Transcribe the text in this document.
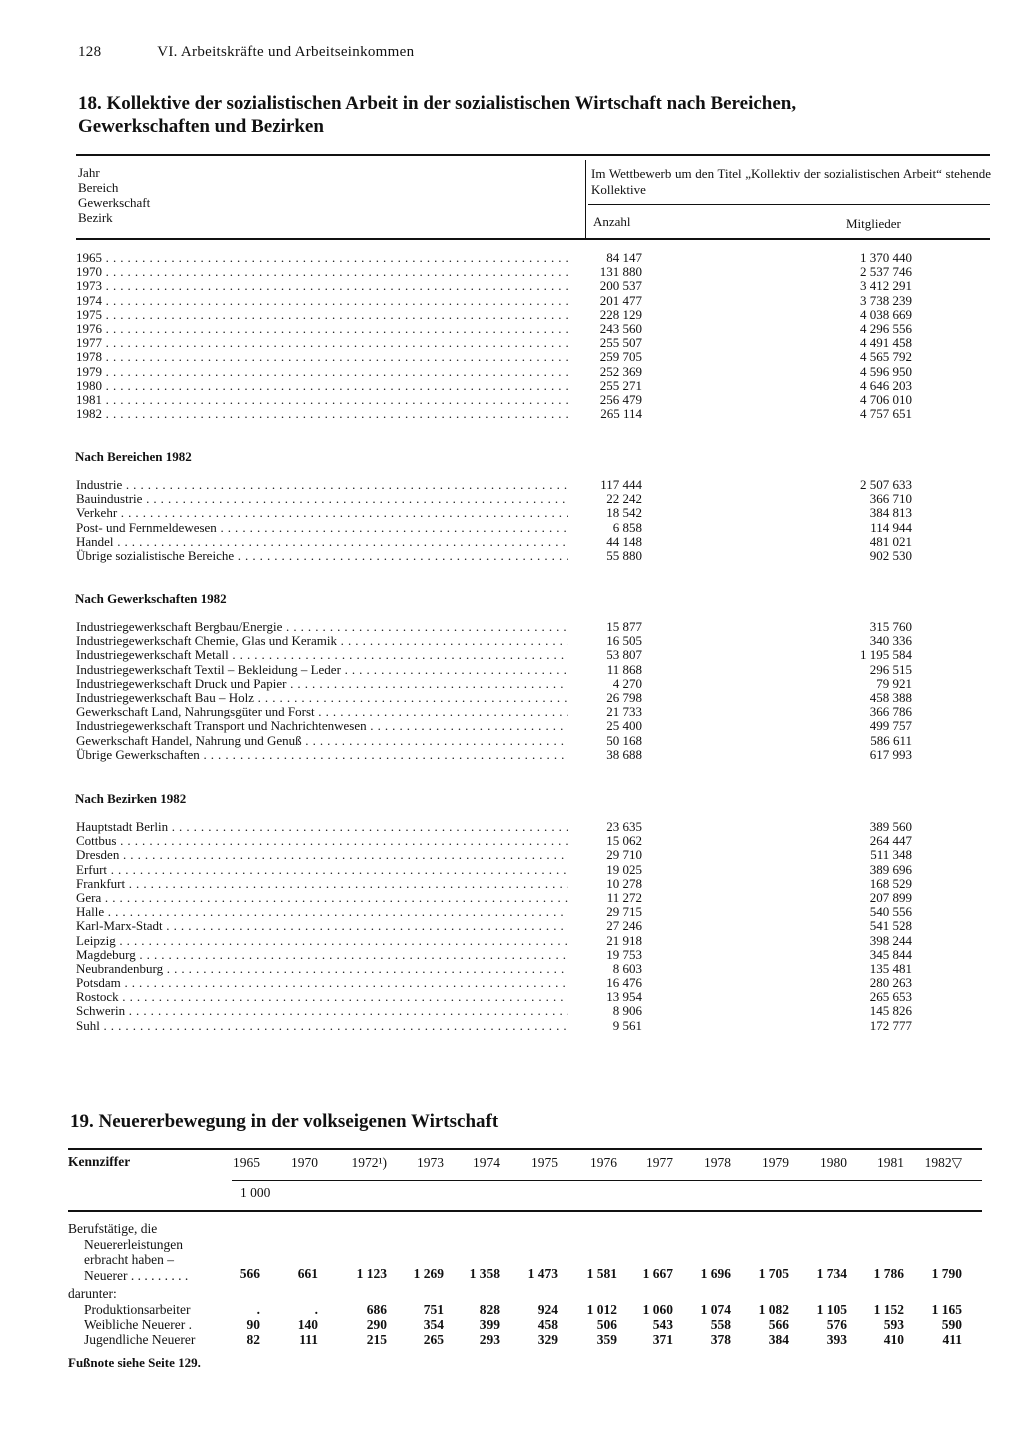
128	VI. Arbeitskräfte und Arbeitseinkommen
18. Kollektive der sozialistischen Arbeit in der sozialistischen Wirtschaft nach Bereichen,
Gewerkschaften und Bezirken
Jahr
Bereich
Gewerkschaft
Bezirk
Im Wettbewerb um den Titel „Kollektiv der sozialistischen Arbeit“ stehende Kollektive
Anzahl	Mitglieder
1965 . . .	84 147	1 370 440
1970 . . .	131 880	2 537 746
1973 . . .	200 537	3 412 291
1974 . . .	201 477	3 738 239
1975 . . .	228 129	4 038 669
1976 . . .	243 560	4 296 556
1977 . . .	255 507	4 491 458
1978 . . .	259 705	4 565 792
1979 . . .	252 369	4 596 950
1980 . . .	255 271	4 646 203
1981 . . .	256 479	4 706 010
1982 . . .	265 114	4 757 651
Nach Bereichen 1982
Industrie . . .	117 444	2 507 633
Bauindustrie . . .	22 242	366 710
Verkehr . . .	18 542	384 813
Post- und Fernmeldewesen . . .	6 858	114 944
Handel . . .	44 148	481 021
Übrige sozialistische Bereiche . . .	55 880	902 530
Nach Gewerkschaften 1982
Industriegewerkschaft Bergbau/Energie . . .	15 877	315 760
Industriegewerkschaft Chemie, Glas und Keramik . . .	16 505	340 336
Industriegewerkschaft Metall . . .	53 807	1 195 584
Industriegewerkschaft Textil – Bekleidung – Leder . . .	11 868	296 515
Industriegewerkschaft Druck und Papier . . .	4 270	79 921
Industriegewerkschaft Bau – Holz . . .	26 798	458 388
Gewerkschaft Land, Nahrungsgüter und Forst . . .	21 733	366 786
Industriegewerkschaft Transport und Nachrichtenwesen . . .	25 400	499 757
Gewerkschaft Handel, Nahrung und Genuß . . .	50 168	586 611
Übrige Gewerkschaften . . .	38 688	617 993
Nach Bezirken 1982
Hauptstadt Berlin . . .	23 635	389 560
Cottbus . . .	15 062	264 447
Dresden . . .	29 710	511 348
Erfurt . . .	19 025	389 696
Frankfurt . . .	10 278	168 529
Gera . . .	11 272	207 899
Halle . . .	29 715	540 556
Karl-Marx-Stadt . . .	27 246	541 528
Leipzig . . .	21 918	398 244
Magdeburg . . .	19 753	345 844
Neubrandenburg . . .	8 603	135 481
Potsdam . . .	16 476	280 263
Rostock . . .	13 954	265 653
Schwerin . . .	8 906	145 826
Suhl . . .	9 561	172 777
19. Neuererbewegung in der volkseigenen Wirtschaft
Kennziffer	1965	1970	1972¹)	1973	1974	1975	1976	1977	1978	1979	1980	1981	1982▽
1 000
Berufstätige, die
Neuererleistungen
erbracht haben –
Neuerer . . . . . . . . .	566	661	1 123	1 269	1 358	1 473	1 581	1 667	1 696	1 705	1 734	1 786	1 790
darunter:
Produktionsarbeiter	.	.	686	751	828	924	1 012	1 060	1 074	1 082	1 105	1 152	1 165
Weibliche Neuerer .	90	140	290	354	399	458	506	543	558	566	576	593	590
Jugendliche Neuerer	82	111	215	265	293	329	359	371	378	384	393	410	411
Fußnote siehe Seite 129.
